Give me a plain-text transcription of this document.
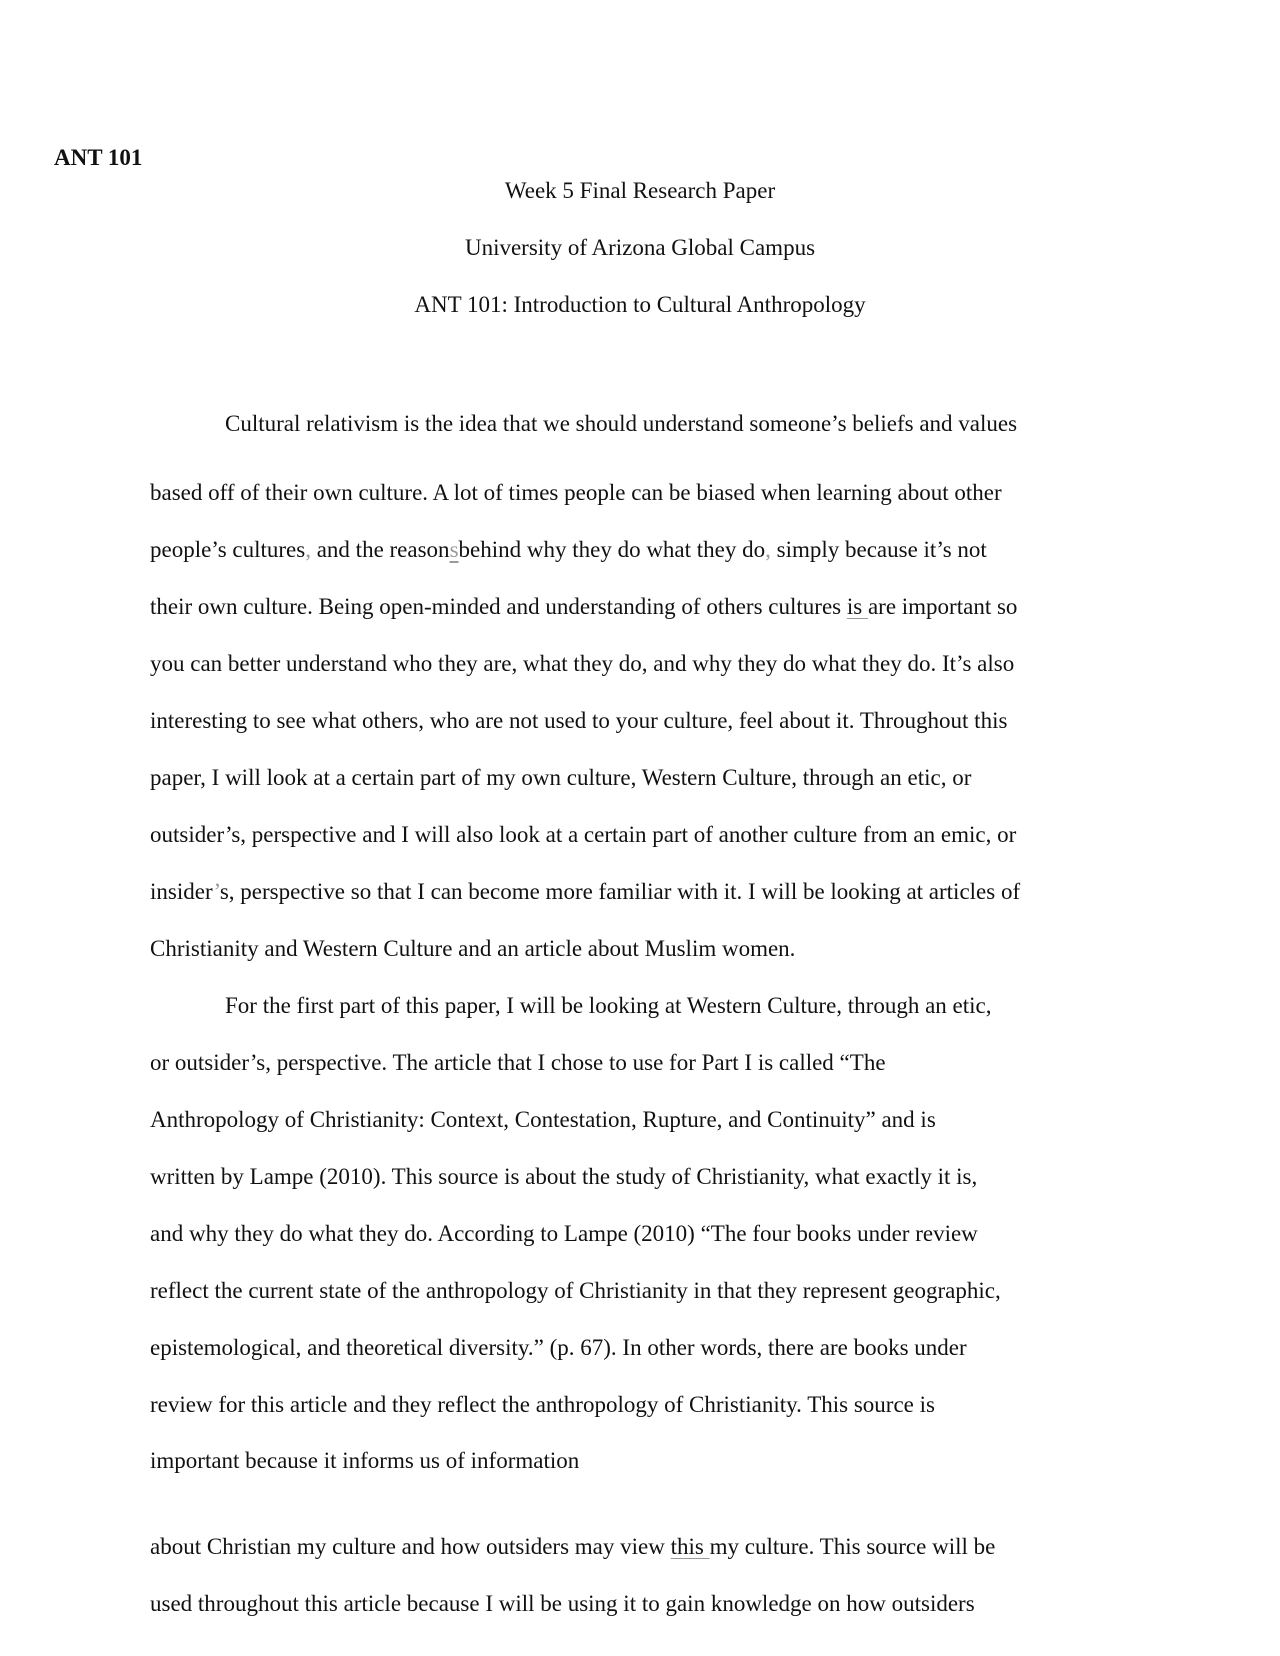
ANT 101
Week 5 Final Research Paper
University of Arizona Global Campus
ANT 101: Introduction to Cultural Anthropology
Cultural relativism is the idea that we should understand someone’s beliefs and values
based off of their own culture. A lot of times people can be biased when learning about other
people’s cultures, and the reasonsbehind why they do what they do, simply because it’s not
their own culture. Being open-minded and understanding of others cultures is are important so
you can better understand who they are, what they do, and why they do what they do. It’s also
interesting to see what others, who are not used to your culture, feel about it. Throughout this
paper, I will look at a certain part of my own culture, Western Culture, through an etic, or
outsider’s, perspective and I will also look at a certain part of another culture from an emic, or
insider’s, perspective so that I can become more familiar with it. I will be looking at articles of
Christianity and Western Culture and an article about Muslim women.
For the first part of this paper, I will be looking at Western Culture, through an etic,
or outsider’s, perspective. The article that I chose to use for Part I is called “The
Anthropology of Christianity: Context, Contestation, Rupture, and Continuity” and is
written by Lampe (2010). This source is about the study of Christianity, what exactly it is,
and why they do what they do. According to Lampe (2010) “The four books under review
reflect the current state of the anthropology of Christianity in that they represent geographic,
epistemological, and theoretical diversity.” (p. 67). In other words, there are books under
review for this article and they reflect the anthropology of Christianity. This source is
important because it informs us of information
about Christian my culture and how outsiders may view this my culture. This source will be
used throughout this article because I will be using it to gain knowledge on how outsiders
